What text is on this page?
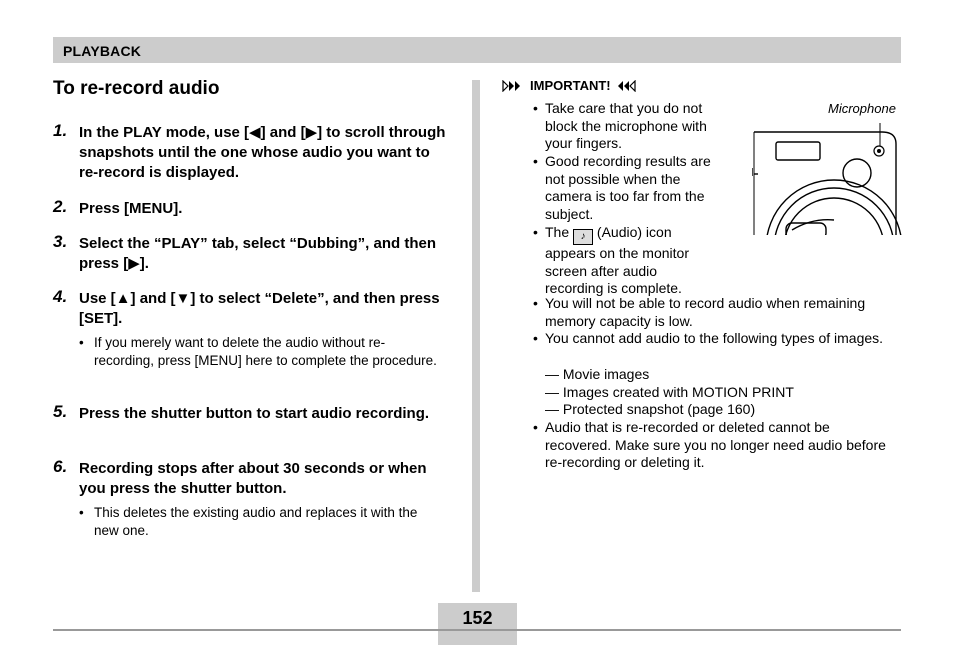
PLAYBACK
To re-record audio
1. In the PLAY mode, use [◀] and [▶] to scroll through snapshots until the one whose audio you want to re-record is displayed.
2. Press [MENU].
3. Select the “PLAY” tab, select “Dubbing”, and then press [▶].
4. Use [▲] and [▼] to select “Delete”, and then press [SET].
• If you merely want to delete the audio without re-recording, press [MENU] here to complete the procedure.
5. Press the shutter button to start audio recording.
6. Recording stops after about 30 seconds or when you press the shutter button.
• This deletes the existing audio and replaces it with the new one.
IMPORTANT!
• Take care that you do not block the microphone with your fingers.
• Good recording results are not possible when the camera is too far from the subject.
• The ♪ (Audio) icon appears on the monitor screen after audio recording is complete.
• You will not be able to record audio when remaining memory capacity is low.
• You cannot add audio to the following types of images.
— Movie images
— Images created with MOTION PRINT
— Protected snapshot (page 160)
• Audio that is re-recorded or deleted cannot be recovered. Make sure you no longer need audio before re-recording or deleting it.
Microphone
152
